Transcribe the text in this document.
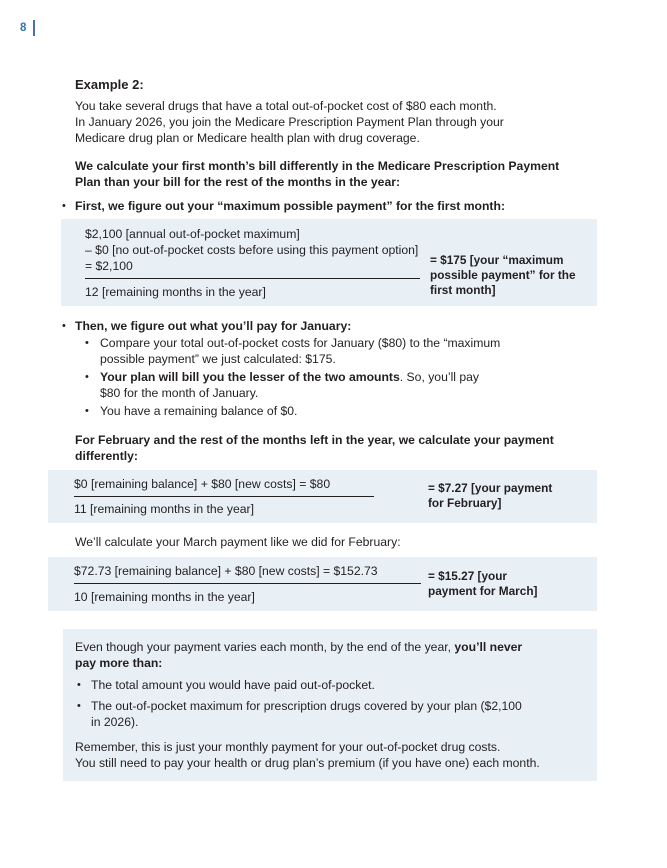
8
Example 2:
You take several drugs that have a total out-of-pocket cost of $80 each month.
In January 2026, you join the Medicare Prescription Payment Plan through your
Medicare drug plan or Medicare health plan with drug coverage.
We calculate your first month’s bill differently in the Medicare Prescription Payment
Plan than your bill for the rest of the months in the year:
•
First, we figure out your “maximum possible payment” for the first month:
$2,100 [annual out-of-pocket maximum]
– $0 [no out-of-pocket costs before using this payment option]
= $2,100
12 [remaining months in the year]
= $175 [your “maximum
possible payment” for the
first month]
•
Then, we figure out what you’ll pay for January:
•
Compare your total out-of-pocket costs for January ($80) to the “maximum
possible payment” we just calculated: $175.
•
Your plan will bill you the lesser of the two amounts. So, you’ll pay
$80 for the month of January.
•
You have a remaining balance of $0.
For February and the rest of the months left in the year, we calculate your payment
differently:
$0 [remaining balance] + $80 [new costs] = $80
11 [remaining months in the year]
= $7.27 [your payment
for February]
We’ll calculate your March payment like we did for February:
$72.73 [remaining balance] + $80 [new costs] = $152.73
10 [remaining months in the year]
= $15.27 [your
payment for March]
Even though your payment varies each month, by the end of the year, you’ll never
pay more than:
•
The total amount you would have paid out-of-pocket.
•
The out-of-pocket maximum for prescription drugs covered by your plan ($2,100
in 2026).
Remember, this is just your monthly payment for your out-of-pocket drug costs.
You still need to pay your health or drug plan’s premium (if you have one) each month.
